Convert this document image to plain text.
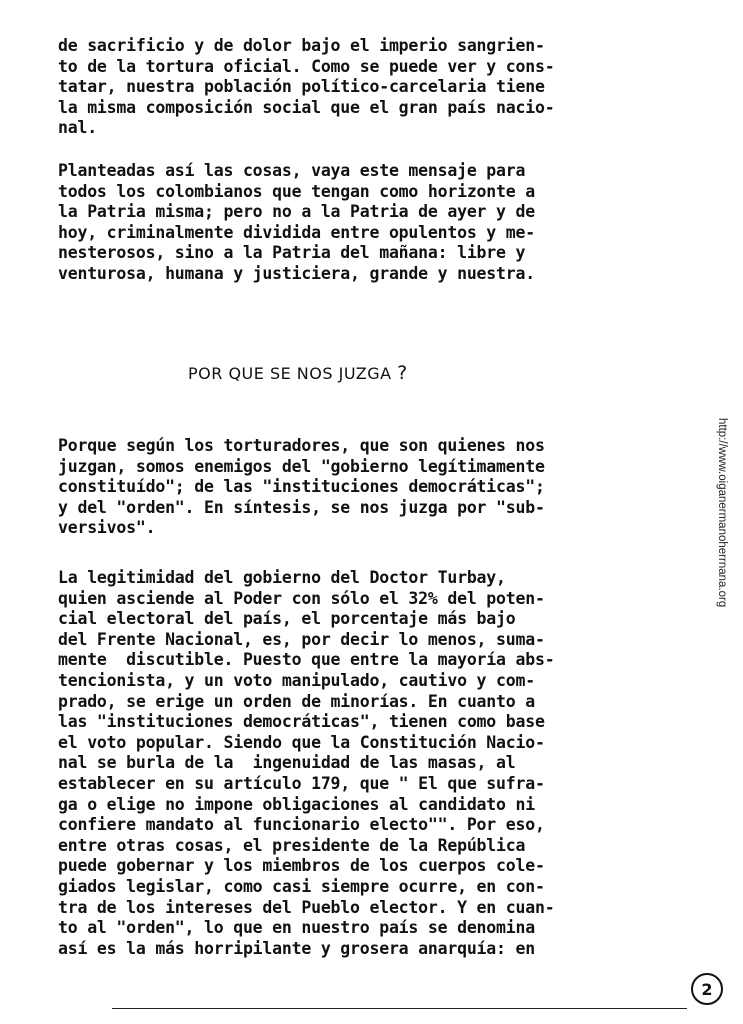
de sacrificio y de dolor bajo el imperio sangrien-
to de la tortura oficial. Como se puede ver y cons-
tatar, nuestra población político-carcelaria tiene
la misma composición social que el gran país nacio-
nal.
Planteadas así las cosas, vaya este mensaje para
todos los colombianos que tengan como horizonte a
la Patria misma; pero no a la Patria de ayer y de
hoy, criminalmente dividida entre opulentos y me-
nesterosos, sino a la Patria del mañana: libre y
venturosa, humana y justiciera, grande y nuestra.
POR QUE SE NOS JUZGA ?
Porque según los torturadores, que son quienes nos
juzgan, somos enemigos del "gobierno legítimamente
constituído"; de las "instituciones democráticas";
y del "orden". En síntesis, se nos juzga por "sub-
versivos".
La legitimidad del gobierno del Doctor Turbay,
quien asciende al Poder con sólo el 32% del poten-
cial electoral del país, el porcentaje más bajo
del Frente Nacional, es, por decir lo menos, suma-
mente  discutible. Puesto que entre la mayoría abs-
tencionista, y un voto manipulado, cautivo y com-
prado, se erige un orden de minorías. En cuanto a
las "instituciones democráticas", tienen como base
el voto popular. Siendo que la Constitución Nacio-
nal se burla de la  ingenuidad de las masas, al
establecer en su artículo 179, que " El que sufra-
ga o elige no impone obligaciones al candidato ni
confiere mandato al funcionario electo"". Por eso,
entre otras cosas, el presidente de la República
puede gobernar y los miembros de los cuerpos cole-
giados legislar, como casi siempre ocurre, en con-
tra de los intereses del Pueblo elector. Y en cuan-
to al "orden", lo que en nuestro país se denomina
así es la más horripilante y grosera anarquía: en
http://www.oiganermanoherrnana.org
2
